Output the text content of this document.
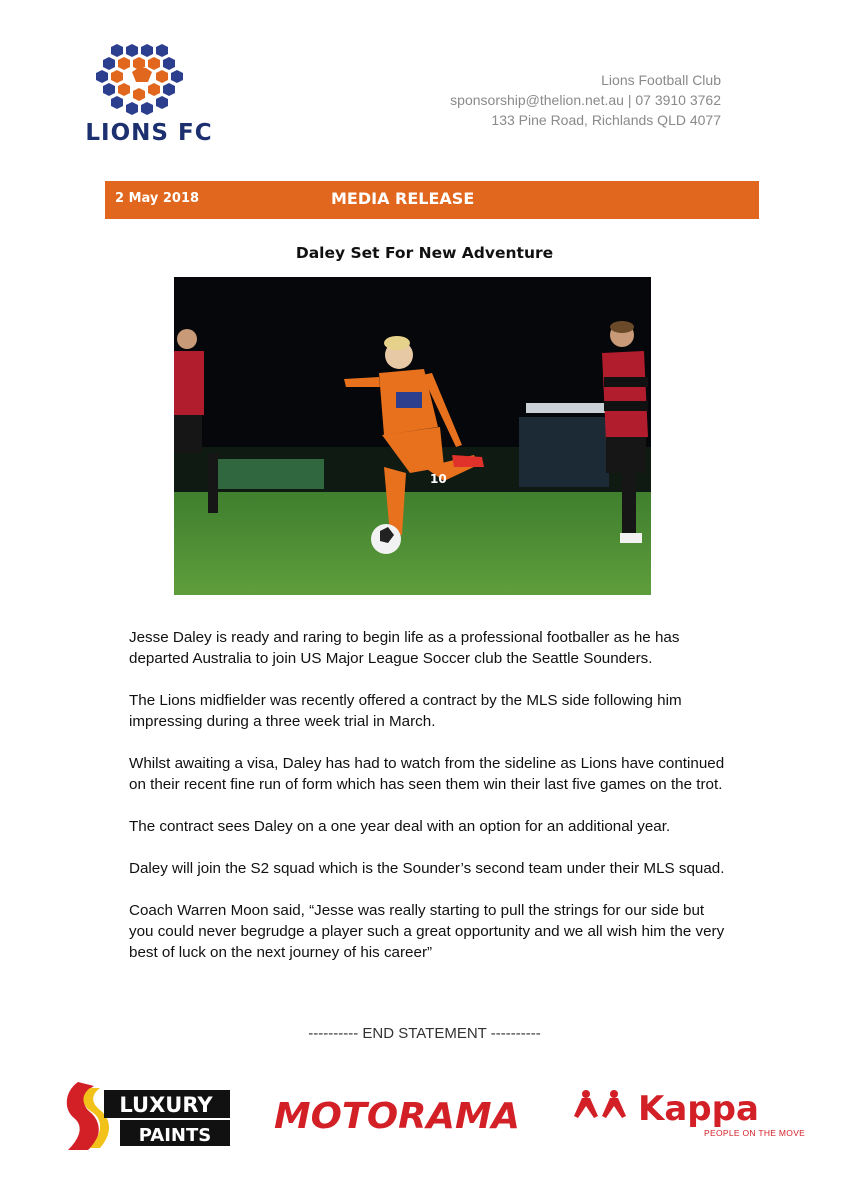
LIONS FC
Lions Football Club
sponsorship@thelion.net.au | 07 3910 3762
133 Pine Road, Richlands QLD 4077
2 May 2018	MEDIA RELEASE
Daley Set For New Adventure
10

Jesse Daley is ready and raring to begin life as a professional footballer as he has departed Australia to join US Major League Soccer club the Seattle Sounders.

The Lions midfielder was recently offered a contract by the MLS side following him impressing during a three week trial in March.

Whilst awaiting a visa, Daley has had to watch from the sideline as Lions have continued on their recent fine run of form which has seen them win their last five games on the trot.

The contract sees Daley on a one year deal with an option for an additional year.

Daley will join the S2 squad which is the Sounder’s second team under their MLS squad.

Coach Warren Moon said, “Jesse was really starting to pull the strings for our side but you could never begrudge a player such a great opportunity and we all wish him the very best of luck on the next journey of his career”

---------- END STATEMENT ----------
LUXURY
PAINTS MOTORAMA	Kappa
PEOPLE ON THE MOVE
